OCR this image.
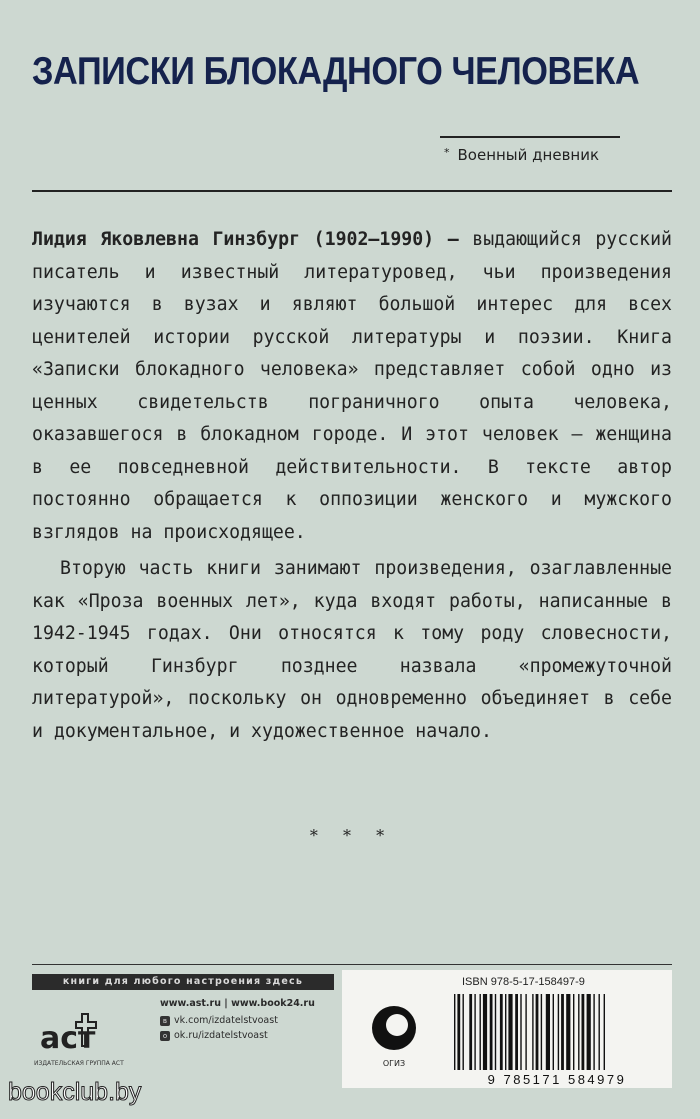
ЗАПИСКИ БЛОКАДНОГО ЧЕЛОВЕКА
* Военный дневник

Лидия Яковлевна Гинзбург (1902–1990) — выдающийся русский писатель и известный литературовед, чьи произведения изучаются в вузах и являют большой интерес для всех ценителей истории русской литературы и поэзии. Книга «Записки блокадного человека» представляет собой одно из ценных свидетельств пограничного опыта человека, оказавшегося в блокадном городе. И этот человек — женщина в ее повседневной действительности. В тексте автор постоянно обращается к оппозиции женского и мужского взглядов на происходящее.

Вторую часть книги занимают произведения, озаглавленные как «Проза военных лет», куда входят работы, написанные в 1942-1945 годах. Они относятся к тому роду словесности, который Гинзбург позднее назвала «промежуточной литературой», поскольку он одновременно объединяет в себе и документальное, и художественное начало.

* * *
книги для любого настроения здесь
аст
ИЗДАТЕЛЬСКАЯ ГРУППА АСТ
www.ast.ru | www.book24.ru
в vk.com/izdatelstvoast
о ok.ru/izdatelstvoast
ISBN 978-5-17-158497-9
ОГИЗ
9 785171 584979
bookclub.by
